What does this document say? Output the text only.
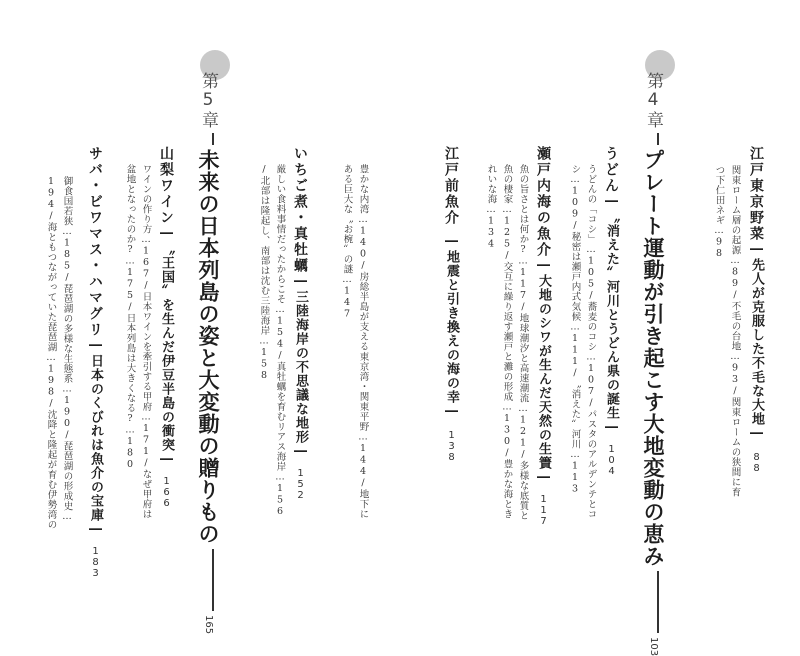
江戸東京野菜―先人が克服した不毛な大地―88
関東ローム層の起源…89/不毛の台地…93/関東ロームの狭間に育
つ下仁田ネギ…98
第4章プレート運動が引き起こす大地変動の恵み103
うどん―〝消えた〟河川とうどん県の誕生―104
うどんの「コシ」…105/蕎麦のコシ…107/パスタのアルデンテとコ
シ…109/秘密は瀬戸内式気候…111/〝消えた〟河川…113
瀬戸内海の魚介―大地のシワが生んだ天然の生簀―117
魚の旨さとは何か?…117/地球潮汐と高速潮流…121/多様な底質と
魚の棲家…125/交互に繰り返す瀬戸と灘の形成…130/豊かな海とき
れいな海…134
江戸前魚介―地震と引き換えの海の幸―138
豊かな内湾…140/房総半島が支える東京湾・関東平野…144/地下に
ある巨大な〝お椀〟の謎…147
いちご煮・真牡蠣―三陸海岸の不思議な地形―152
厳しい食料事情だったからこそ…154/真牡蠣を育むリアス海岸…156
/北部は隆起し、南部は沈む三陸海岸…158
第5章未来の日本列島の姿と大変動の贈りもの165
山梨ワイン―〝王国〟を生んだ伊豆半島の衝突―166
ワインの作り方…167/日本ワインを牽引する甲府…171/なぜ甲府は
盆地となったのか?…175/日本列島は大きくなる?…180
サバ・ビワマス・ハマグリ―日本のくびれは魚介の宝庫―183
御食国若狭…185/琵琶湖の多様な生態系…190/琵琶湖の形成史…
194/海ともつながっていた琵琶湖…198/沈降と隆起が育む伊勢湾の
